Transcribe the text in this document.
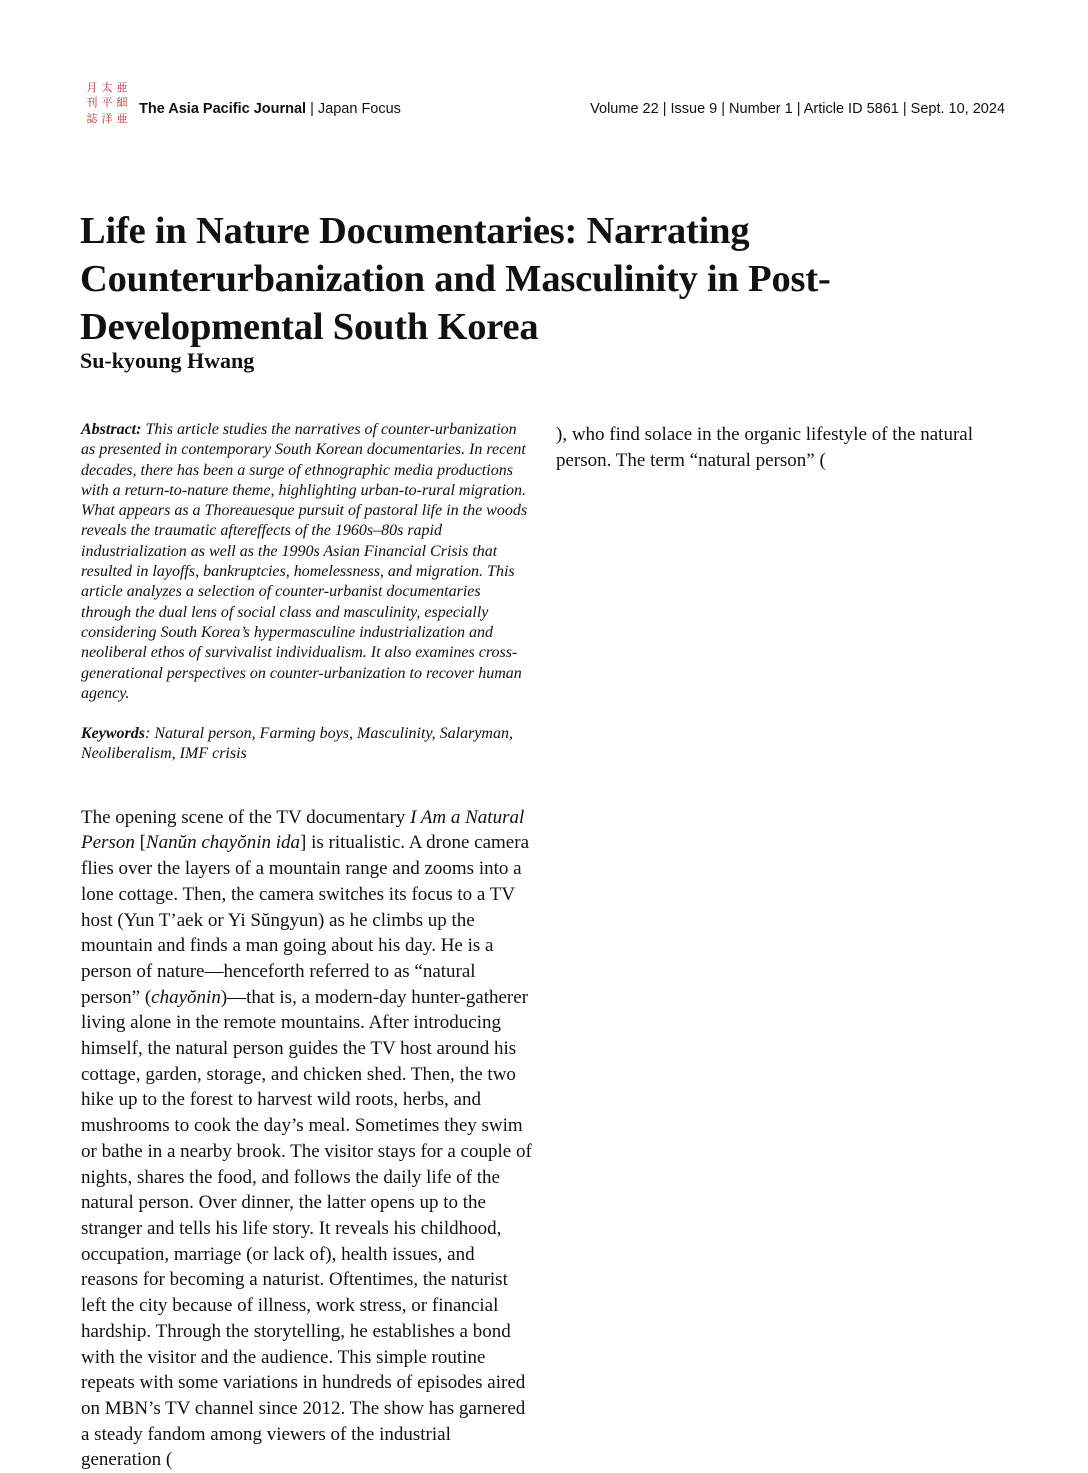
月 太 亜
刊 平 細
誌 洋 亜
The Asia Pacific Journal | Japan Focus	Volume 22 | Issue 9 | Number 1 | Article ID 5861 | Sept. 10, 2024
Life in Nature Documentaries: Narrating Counterurbanization and Masculinity in Post-Developmental South Korea
Su-kyoung Hwang

Abstract: This article studies the narratives of counter-urbanization as presented in contemporary South Korean documentaries. In recent decades, there has been a surge of ethnographic media productions with a return-to-nature theme, highlighting urban-to-rural migration. What appears as a Thoreauesque pursuit of pastoral life in the woods reveals the traumatic aftereffects of the 1960s–80s rapid industrialization as well as the 1990s Asian Financial Crisis that resulted in layoffs, bankruptcies, homelessness, and migration. This article analyzes a selection of counter-urbanist documentaries through the dual lens of social class and masculinity, especially considering South Korea’s hypermasculine industrialization and neoliberal ethos of survivalist individualism. It also examines cross-generational perspectives on counter-urbanization to recover human agency.

Keywords: Natural person, Farming boys, Masculinity, Salaryman, Neoliberalism, IMF crisis

The opening scene of the TV documentary I Am a Natural Person [Nanŭn chayŏnin ida] is ritualistic. A drone camera flies over the layers of a mountain range and zooms into a lone cottage. Then, the camera switches its focus to a TV host (Yun T’aek or Yi Sŭngyun) as he climbs up the mountain and finds a man going about his day. He is a person of nature—henceforth referred to as “natural person” (chayŏnin)—that is, a modern-day hunter-gatherer living alone in the remote mountains. After introducing himself, the natural person guides the TV host around his cottage, garden, storage, and chicken shed. Then, the two hike up to the forest to harvest wild roots, herbs, and mushrooms to cook the day’s meal. Sometimes they swim or bathe in a nearby brook. The visitor stays for a couple of nights, shares the food, and follows the daily life of the natural person. Over dinner, the latter opens up to the stranger and tells his life story. It reveals his childhood, occupation, marriage (or lack of), health issues, and reasons for becoming a naturist. Oftentimes, the naturist left the city because of illness, work stress, or financial hardship. Through the storytelling, he establishes a bond with the visitor and the audience. This simple routine repeats with some variations in hundreds of episodes aired on MBN’s TV channel since 2012. The show has garnered a steady fandom among viewers of the industrial generation (

), who find solace in the organic lifestyle of the natural person. The term “natural person” (
